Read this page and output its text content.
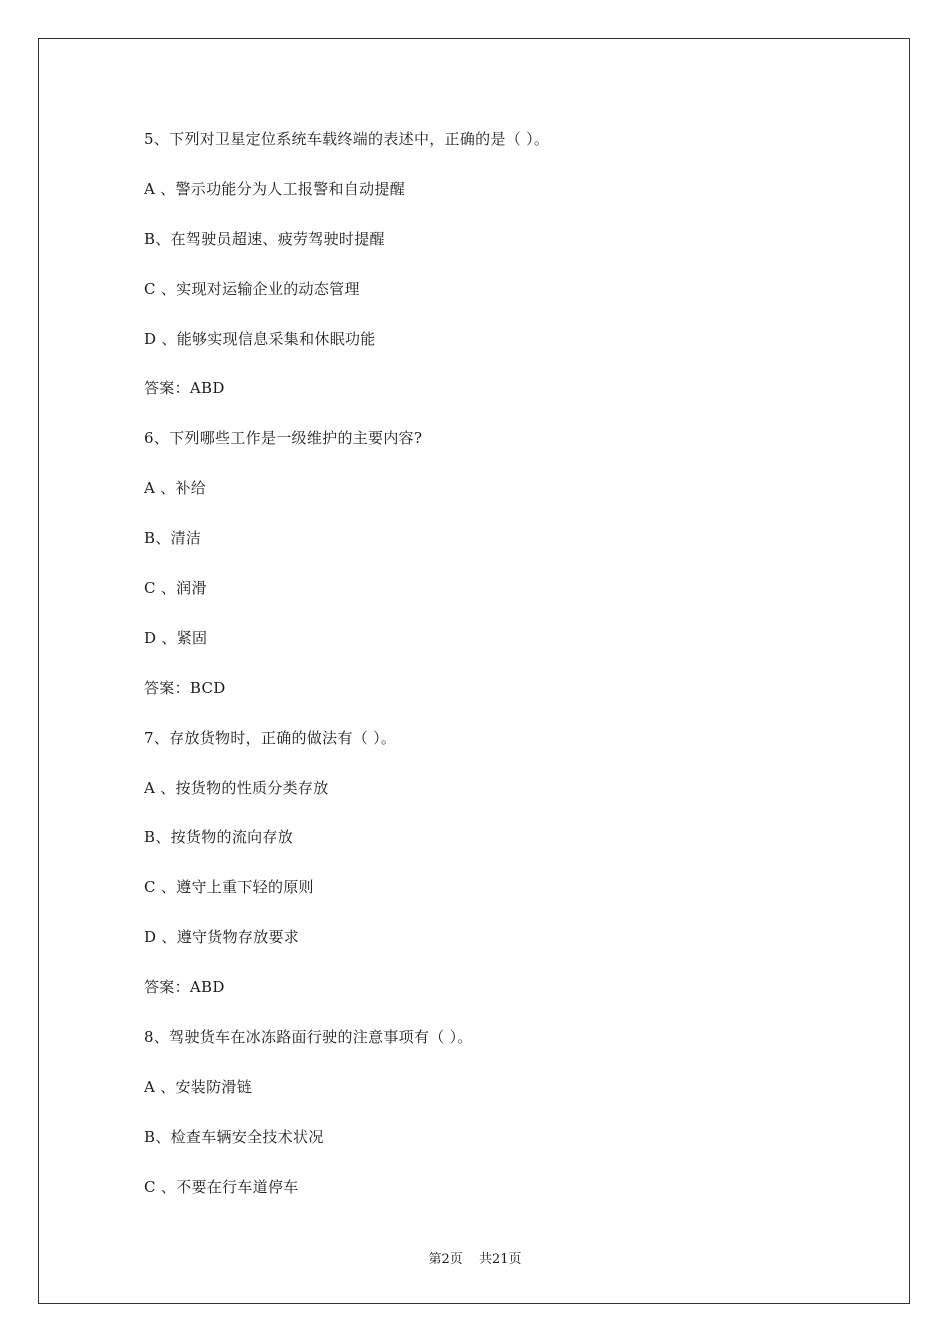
5、下列对卫星定位系统车载终端的表述中，正确的是（ ）。
A 、警示功能分为人工报警和自动提醒
B、在驾驶员超速、疲劳驾驶时提醒
C 、实现对运输企业的动态管理
D 、能够实现信息采集和休眠功能
答案：ABD
6、下列哪些工作是一级维护的主要内容?
A 、补给
B、清洁
C 、润滑
D 、紧固
答案：BCD
7、存放货物时，正确的做法有（ ）。
A 、按货物的性质分类存放
B、按货物的流向存放
C 、遵守上重下轻的原则
D 、遵守货物存放要求
答案：ABD
8、驾驶货车在冰冻路面行驶的注意事项有（ ）。
A 、安装防滑链
B、检查车辆安全技术状况
C 、不要在行车道停车
第2页 共21页
